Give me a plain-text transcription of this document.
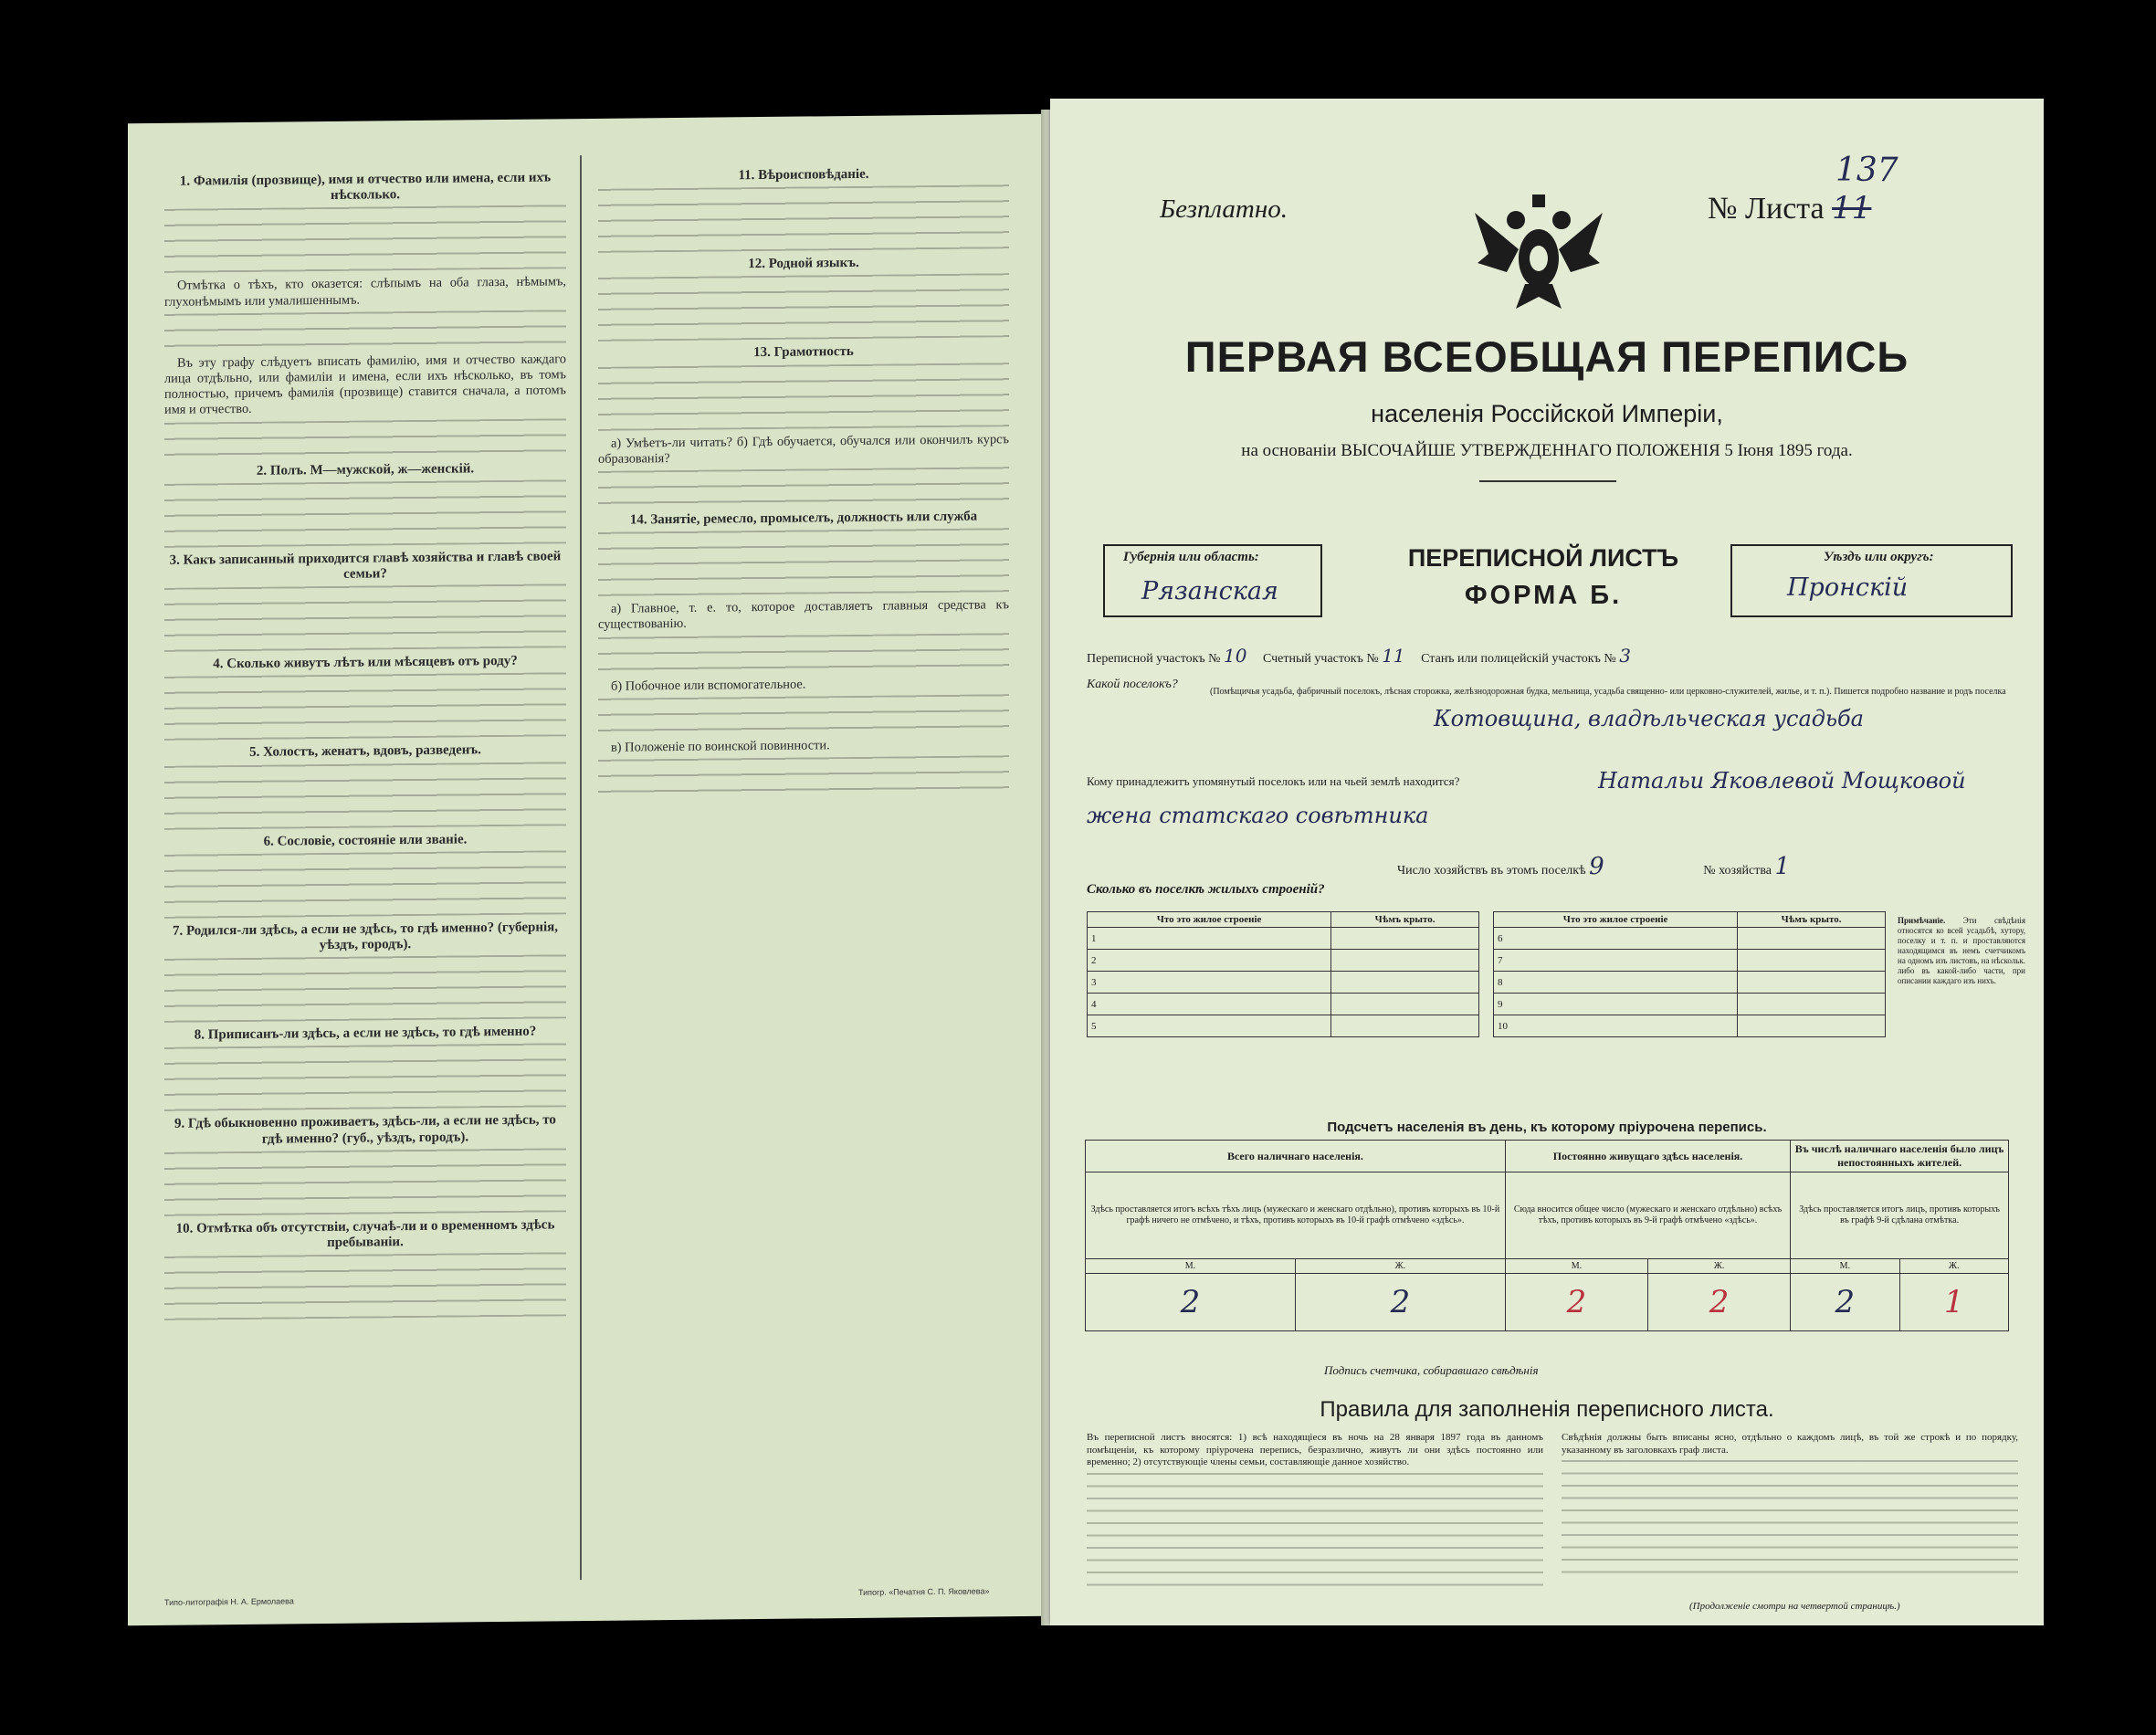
1. Фамилія (прозвище), имя и отчество или имена, если ихъ нѣсколько.

Отмѣтка о тѣхъ, кто оказется: слѣпымъ на оба глаза, нѣмымъ, глухонѣмымъ или умалишеннымъ.

Въ эту графу слѣдуетъ вписать фамилію, имя и отчество каждаго лица отдѣльно, или фамиліи и имена, если ихъ нѣсколько, въ томъ полностью, причемъ фамилія (прозвище) ставится сначала, а потомъ имя и отчество.

2. Полъ. М—мужской, ж—женскій.
3. Какъ записанный приходится главѣ хозяйства и главѣ своей семьи?
4. Сколько живутъ лѣтъ или мѣсяцевъ отъ роду?
5. Холостъ, женатъ, вдовъ, разведенъ.
6. Сословіе, состояніе или званіе.
7. Родился-ли здѣсь, а если не здѣсь, то гдѣ именно? (губернія, уѣздъ, городъ).
8. Приписанъ-ли здѣсь, а если не здѣсь, то гдѣ именно?
9. Гдѣ обыкновенно проживаетъ, здѣсь-ли, а если не здѣсь, то гдѣ именно? (губ., уѣздъ, городъ).
10. Отмѣтка объ отсутствіи, случаѣ-ли и о временномъ здѣсь пребываніи.
11. Вѣроисповѣданіе.
12. Родной языкъ.
13. Грамотность

а) Умѣетъ-ли читать? б) Гдѣ обучается, обучался или окончилъ курсъ образованія?

14. Занятіе, ремесло, промыселъ, должность или служба

а) Главное, т. е. то, которое доставляетъ главныя средства къ существованію.

б) Побочное или вспомогательное.

в) Положеніе по воинской повинности.

Типо-литографія Н. А. Ермолаева
Типогр. «Печатня С. П. Яковлева»
Безплатно.	№ Листа 11
137
ПЕРВАЯ ВСЕОБЩАЯ ПЕРЕПИСЬ
населенія Россійской Имперіи,
на основаніи ВЫСОЧАЙШЕ УТВЕРЖДЕННАГО ПОЛОЖЕНІЯ 5 Іюня 1895 года.
Губернія или область:
Рязанская
ПЕРЕПИСНОЙ ЛИСТЪ
ФОРМА Б.
Уѣздъ или округъ:
Пронскій
Переписной участокъ № 10 Счетный участокъ № 11 Станъ или полицейскій участокъ № 3
Какой поселокъ?
(Помѣщичья усадьба, фабричный поселокъ, лѣсная сторожка, желѣзнодорожная будка, мельница, усадьба священно- или церковно-служителей, жилье, и т. п.). Пишется подробно название и родъ поселка
Котовщина, владѣльческая усадьба
Кому принадлежитъ упомянутый поселокъ или на чьей землѣ находится?	Натальи Яковлевой Мощковой жена статскаго совѣтника
Число хозяйствъ въ этомъ поселкѣ 9	№ хозяйства 1
Сколько въ поселкѣ жилыхъ строеній?
Что это жилое строеніе	Чѣмъ крыто.
1	
2	
3	
4	
5	
Что это жилое строеніе	Чѣмъ крыто.
6	
7	
8	
9	
10	
Примѣчаніе. Эти свѣдѣнія относятся ко всей усадьбѣ, хутору, поселку и т. п. и проставляются находящимся въ немъ счетчикомъ на одномъ изъ листовъ, на нѣскольк. либо въ какой-либо части, при описании каждаго изъ нихъ.
Подсчетъ населенія въ день, къ которому пріурочена перепись.
Всего наличнаго населенія.		Постоянно живущаго здѣсь населенія.		Въ числѣ наличнаго населенія было лицъ непостоянныхъ жителей.	
Здѣсь проставляется итогъ всѣхъ тѣхъ лицъ (мужескаго и женскаго отдѣльно), противъ которыхъ въ 10-й графѣ ничего не отмѣчено, и тѣхъ, противъ которыхъ въ 10-й графѣ отмѣчено «здѣсь».		Сюда вносится общее число (мужескаго и женскаго отдѣльно) всѣхъ тѣхъ, противъ которыхъ въ 9-й графѣ отмѣчено «здѣсь».		Здѣсь проставляется итогъ лицъ, противъ которыхъ въ графѣ 9-й сдѣлана отмѣтка.	
М.	Ж.	М.	Ж.	М.	Ж.
2	2	2	2	2	1
Подпись счетчика, собиравшаго свѣдѣнія
Правила для заполненія переписного листа.
Въ переписной листъ вносятся: 1) всѣ находящіеся въ ночь на 28 января 1897 года въ данномъ помѣщеніи, къ которому пріурочена перепись, безразлично, живутъ ли они здѣсь постоянно или временно; 2) отсутствующіе члены семьи, составляющіе данное хозяйство.
Свѣдѣнія должны быть вписаны ясно, отдѣльно о каждомъ лицѣ, въ той же строкѣ и по порядку, указанному въ заголовкахъ граф листа.
(Продолженіе смотри на четвертой страницѣ.)
